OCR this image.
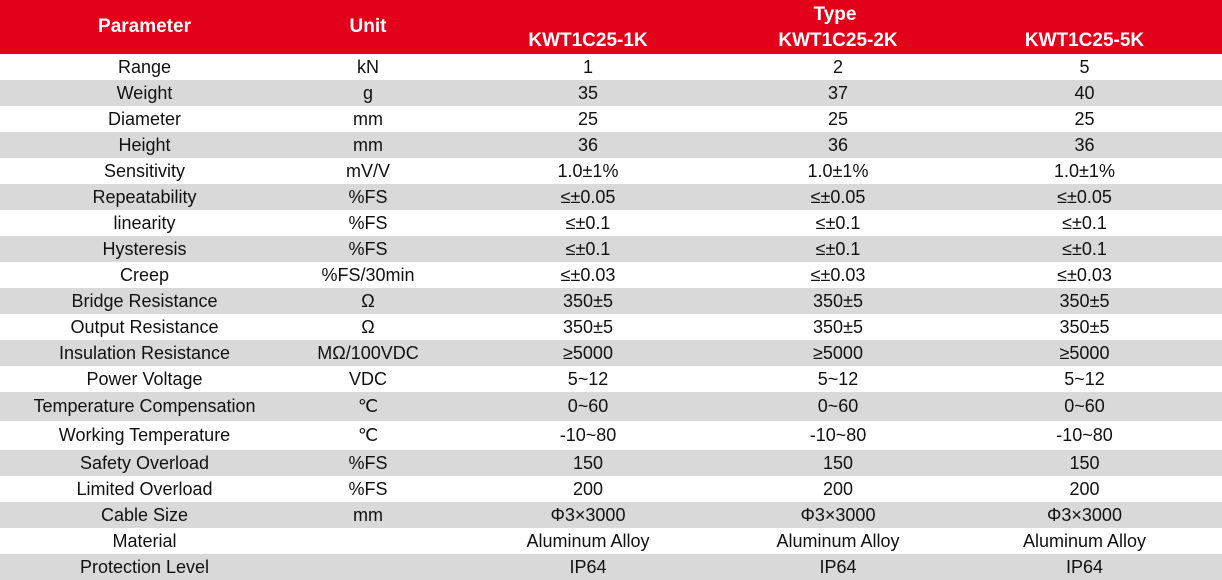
Type
Parameter	Unit	KWT1C25-1K	KWT1C25-2K	KWT1C25-5K
Range	kN	1	2	5
Weight	g	35	37	40
Diameter	mm	25	25	25
Height	mm	36	36	36
Sensitivity	mV/V	1.0±1%	1.0±1%	1.0±1%
Repeatability	%FS	≤±0.05	≤±0.05	≤±0.05
linearity	%FS	≤±0.1	≤±0.1	≤±0.1
Hysteresis	%FS	≤±0.1	≤±0.1	≤±0.1
Creep	%FS/30min	≤±0.03	≤±0.03	≤±0.03
Bridge Resistance	Ω	350±5	350±5	350±5
Output Resistance	Ω	350±5	350±5	350±5
Insulation Resistance	MΩ/100VDC	≥5000	≥5000	≥5000
Power Voltage	VDC	5~12	5~12	5~12
Temperature Compensation	℃	0~60	0~60	0~60
Working Temperature	℃	-10~80	-10~80	-10~80
Safety Overload	%FS	150	150	150
Limited Overload	%FS	200	200	200
Cable Size	mm	Φ3×3000	Φ3×3000	Φ3×3000
Material		Aluminum Alloy	Aluminum Alloy	Aluminum Alloy
Protection Level		IP64	IP64	IP64
